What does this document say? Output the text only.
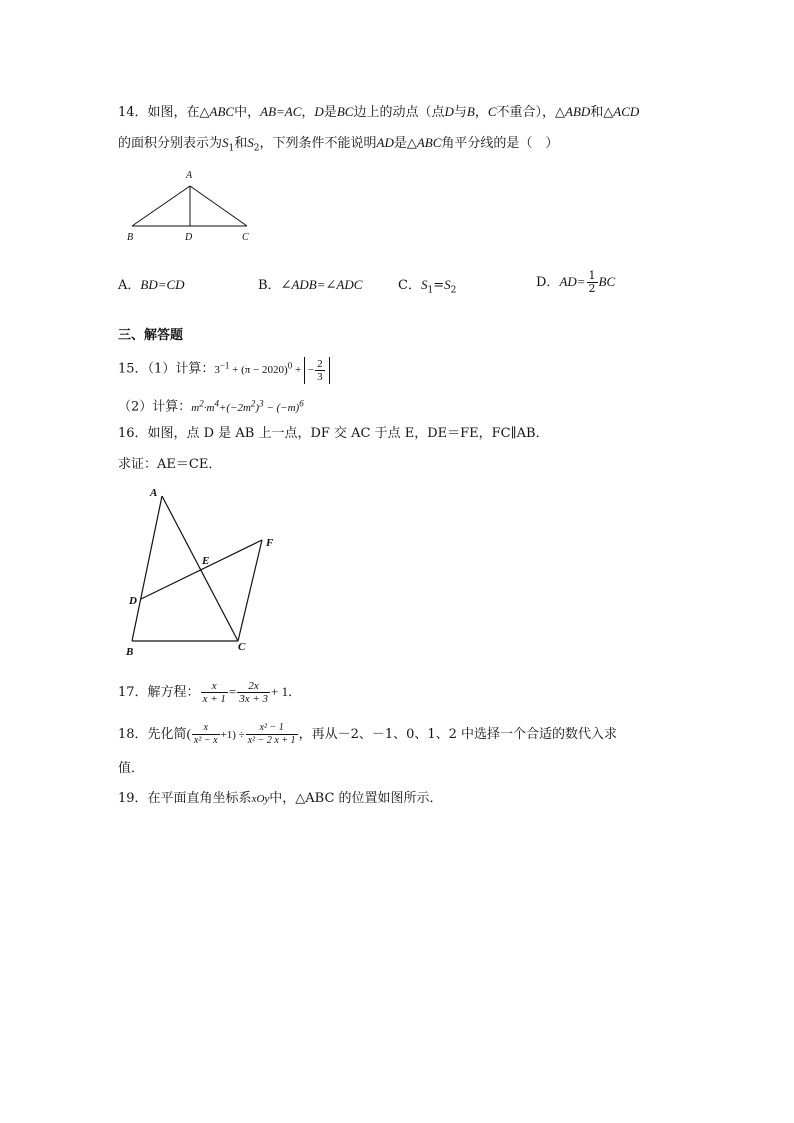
14．如图，在△ABC中，AB=AC，D是BC边上的动点（点D与B，C不重合），△ABD和△ACD
的面积分别表示为$S_1$和$S_2$，下列条件不能说明AD是△ABC角平分线的是（　）
A
B	D	C
A．BD=CD	B．∠ADB=∠ADC	C．$S_1=S_2$
D．$AD= \frac{1}{2}$ BC
三、解答题
15．（1）计算：$3^{-1} + (\pi - 2020)^0$ + − $\frac{2}{3}$
（2）计算：$m^2\cdot m^4+(-2m^2)^3 - (-m)^6$
16．如图，点 D 是 AB 上一点，DF 交 AC 于点 E，DE＝FE，FC∥AB．
求证：AE＝CE．
A
E
F
D
B	C
17．解方程： $\frac{x}{x + 1} = \frac{2x}{3x + 3} + 1$．
18．先化简( $\frac{x}{\text{x² − x}} +1) \div \frac{\text{x² − 1}}{\text{x² − 2 x + 1}}$ ，再从－2、－1、0、1、2 中选择一个合适的数代入求
值．
19．在平面直角坐标系xOy中，△ABC 的位置如图所示．
